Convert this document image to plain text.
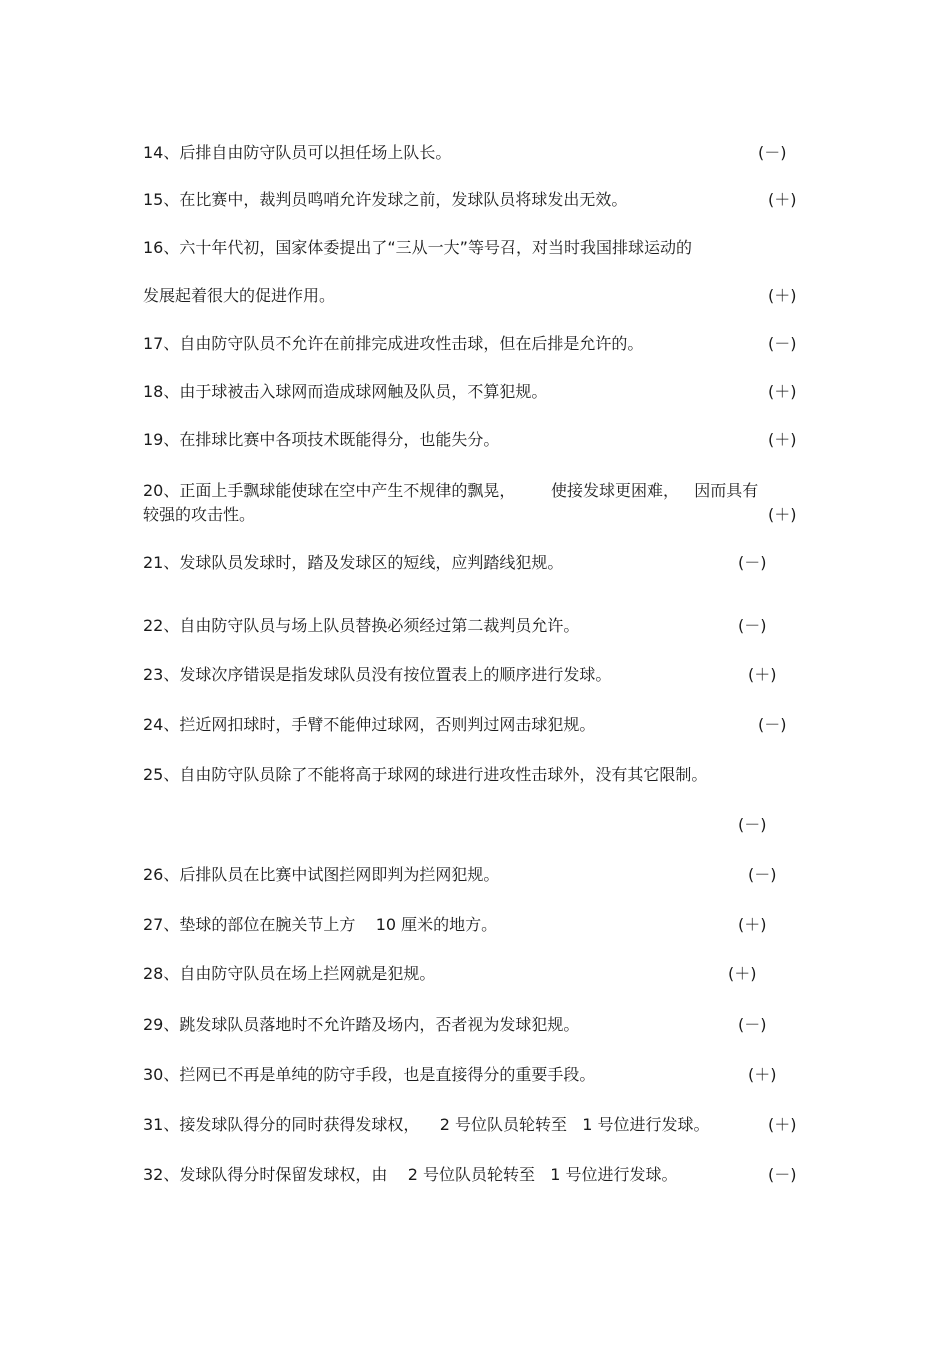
14、后排自由防守队员可以担任场上队长。	(－)
15、在比赛中，裁判员鸣哨允许发球之前，发球队员将球发出无效。	(＋)
16、六十年代初，国家体委提出了“三从一大”等号召，对当时我国排球运动的
发展起着很大的促进作用。	(＋)
17、自由防守队员不允许在前排完成进攻性击球，但在后排是允许的。	(－)
18、由于球被击入球网而造成球网触及队员，不算犯规。	(＋)
19、在排球比赛中各项技术既能得分，也能失分。	(＋)
20、正面上手飘球能使球在空中产生不规律的飘晃，       使接发球更困难，   因而具有
较强的攻击性。	(＋)
21、发球队员发球时，踏及发球区的短线，应判踏线犯规。	(－)
22、自由防守队员与场上队员替换必须经过第二裁判员允许。	(－)
23、发球次序错误是指发球队员没有按位置表上的顺序进行发球。	(＋)
24、拦近网扣球时，手臂不能伸过球网，否则判过网击球犯规。	(－)
25、自由防守队员除了不能将高于球网的球进行进攻性击球外，没有其它限制。
(－)
26、后排队员在比赛中试图拦网即判为拦网犯规。	(－)
27、垫球的部位在腕关节上方    10 厘米的地方。	(＋)
28、自由防守队员在场上拦网就是犯规。	(＋)
29、跳发球队员落地时不允许踏及场内，否者视为发球犯规。	(－)
30、拦网已不再是单纯的防守手段，也是直接得分的重要手段。	(＋)
31、接发球队得分的同时获得发球权，    2 号位队员轮转至   1 号位进行发球。	(＋)
32、发球队得分时保留发球权，由    2 号位队员轮转至   1 号位进行发球。	(－)
